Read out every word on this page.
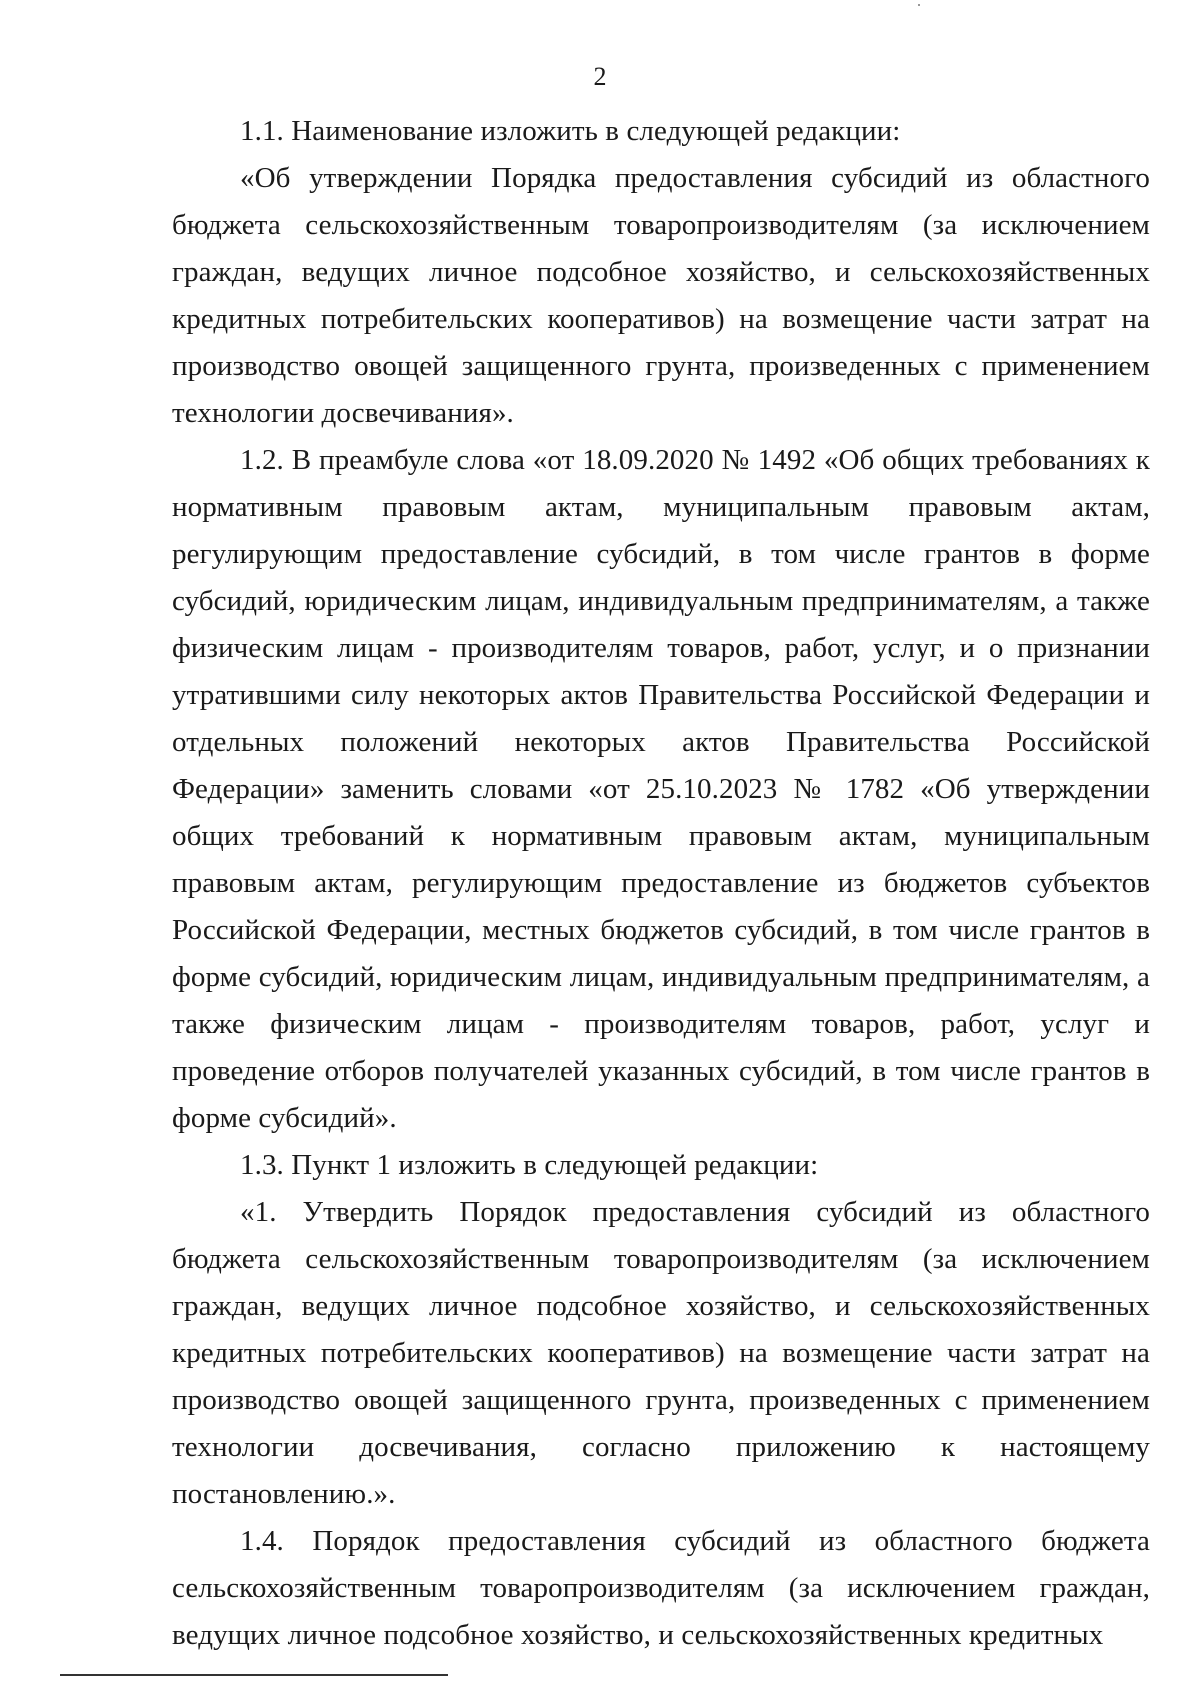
2

1.1. Наименование изложить в следующей редакции:

«Об утверждении Порядка предоставления субсидий из областного бюджета сельскохозяйственным товаропроизводителям (за исключением граждан, ведущих личное подсобное хозяйство, и сельскохозяйственных кредитных потребительских кооперативов) на возмещение части затрат на производство овощей защищенного грунта, произведенных с применением технологии досвечивания».

1.2. В преамбуле слова «от 18.09.2020 № 1492 «Об общих требованиях к нормативным правовым актам, муниципальным правовым актам, регулирующим предоставление субсидий, в том числе грантов в форме субсидий, юридическим лицам, индивидуальным предпринимателям, а также физическим лицам - производителям товаров, работ, услуг, и о признании утратившими силу некоторых актов Правительства Российской Федерации и отдельных положений некоторых актов Правительства Российской Федерации» заменить словами «от 25.10.2023 № 1782 «Об утверждении общих требований к нормативным правовым актам, муниципальным правовым актам, регулирующим предоставление из бюджетов субъектов Российской Федерации, местных бюджетов субсидий, в том числе грантов в форме субсидий, юридическим лицам, индивидуальным предпринимателям, а также физическим лицам - производителям товаров, работ, услуг и проведение отборов получателей указанных субсидий, в том числе грантов в форме субсидий».

1.3. Пункт 1 изложить в следующей редакции:

«1. Утвердить Порядок предоставления субсидий из областного бюджета сельскохозяйственным товаропроизводителям (за исключением граждан, ведущих личное подсобное хозяйство, и сельскохозяйственных кредитных потребительских кооперативов) на возмещение части затрат на производство овощей защищенного грунта, произведенных с применением технологии досвечивания, согласно приложению к настоящему постановлению.».

1.4. Порядок предоставления субсидий из областного бюджета сельскохозяйственным товаропроизводителям (за исключением граждан, ведущих личное подсобное хозяйство, и сельскохозяйственных кредитных
